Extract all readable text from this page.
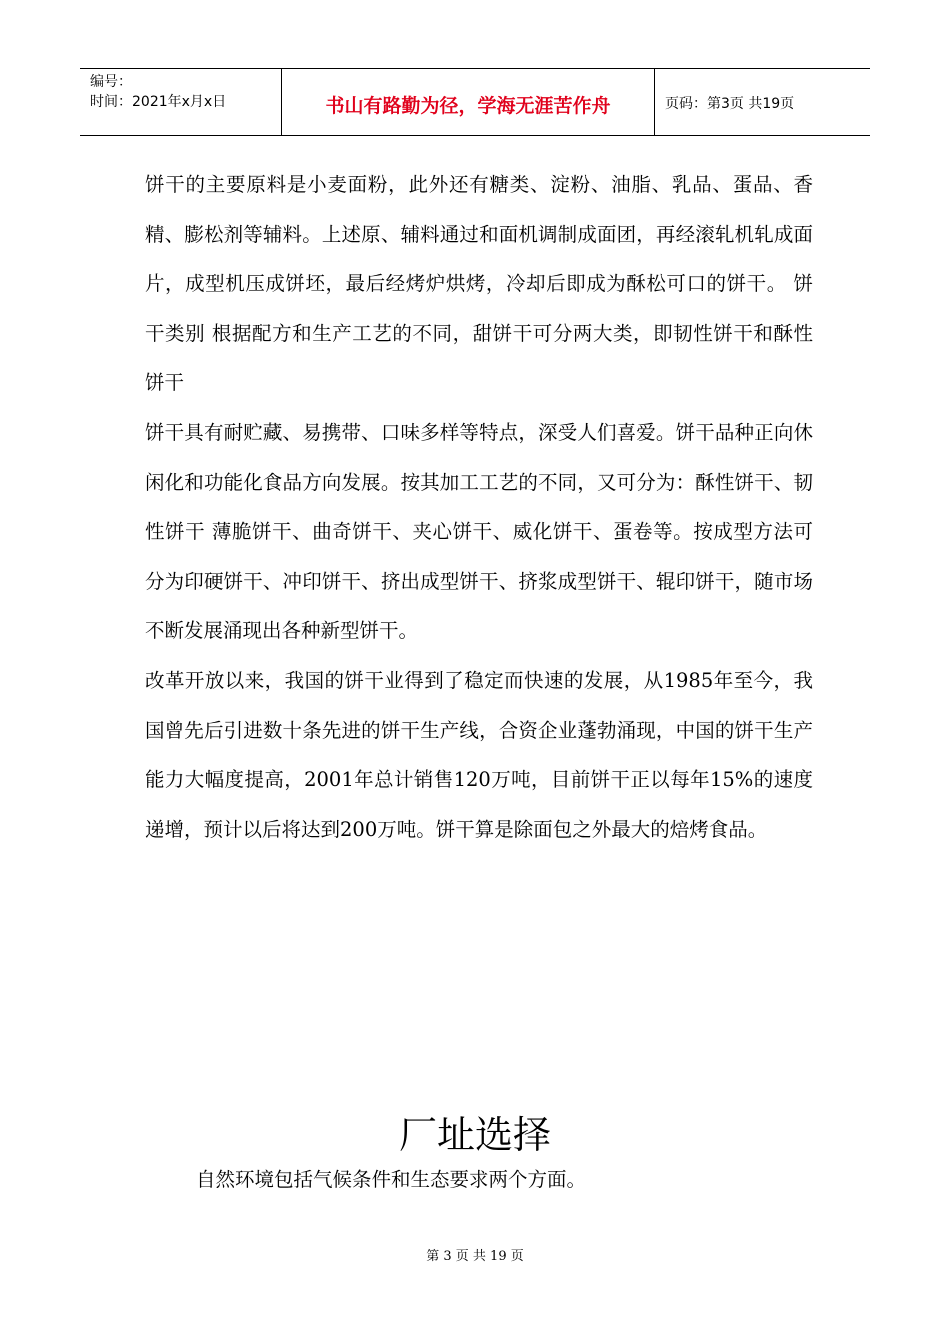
编号：
时间：2021年x月x日	书山有路勤为径，学海无涯苦作舟	页码：第3页 共19页

饼干的主要原料是小麦面粉，此外还有糖类、淀粉、油脂、乳品、蛋品、香精、膨松剂等辅料。上述原、辅料通过和面机调制成面团，再经滚轧机轧成面片，成型机压成饼坯，最后经烤炉烘烤，冷却后即成为酥松可口的饼干。 饼干类别 根据配方和生产工艺的不同，甜饼干可分两大类，即韧性饼干和酥性饼干

饼干具有耐贮藏、易携带、口味多样等特点，深受人们喜爱。饼干品种正向休闲化和功能化食品方向发展。按其加工工艺的不同，又可分为：酥性饼干、韧性饼干 薄脆饼干、曲奇饼干、夹心饼干、威化饼干、蛋卷等。按成型方法可分为印硬饼干、冲印饼干、挤出成型饼干、挤浆成型饼干、辊印饼干，随市场不断发展涌现出各种新型饼干。

改革开放以来，我国的饼干业得到了稳定而快速的发展，从1985年至今，我国曾先后引进数十条先进的饼干生产线，合资企业蓬勃涌现，中国的饼干生产能力大幅度提高，2001年总计销售120万吨，目前饼干正以每年15%的速度递增，预计以后将达到200万吨。饼干算是除面包之外最大的焙烤食品。

厂址选择
自然环境包括气候条件和生态要求两个方面。
第 3 页 共 19 页
